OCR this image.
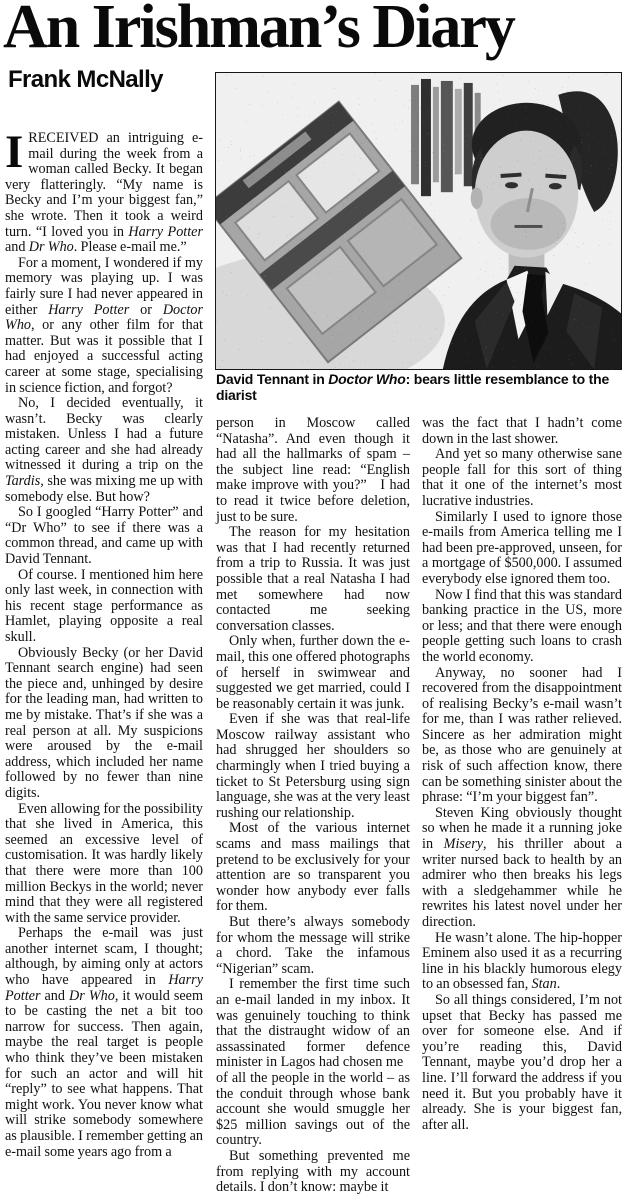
An Irishman’s Diary
Frank McNally
David Tennant in Doctor Who: bears little resemblance to the diarist

IRECEIVED an intriguing e-mail during the week from a woman called Becky. It began very flatteringly. “My name is Becky and I’m your biggest fan,” she wrote. Then it took a weird turn. “I loved you in Harry Potter and Dr Who. Please e-mail me.”

For a moment, I wondered if my memory was playing up. I was fairly sure I had never appeared in either Harry Potter or Doctor Who, or any other film for that matter. But was it possible that I had enjoyed a successful acting career at some stage, specialising in science fiction, and forgot?

No, I decided eventually, it wasn’t. Becky was clearly mistaken. Unless I had a future acting career and she had already witnessed it during a trip on the Tardis, she was mixing me up with somebody else. But how?

So I googled “Harry Potter” and “Dr Who” to see if there was a common thread, and came up with David Tennant.

Of course. I mentioned him here only last week, in connection with his recent stage performance as Hamlet, playing opposite a real skull.

Obviously Becky (or her David Tennant search engine) had seen the piece and, unhinged by desire for the leading man, had written to me by mistake. That’s if she was a real person at all. My suspicions were aroused by the e-mail address, which included her name followed by no fewer than nine digits.

Even allowing for the possibility that she lived in America, this seemed an excessive level of customisation. It was hardly likely that there were more than 100 million Beckys in the world; never mind that they were all registered with the same service provider.

Perhaps the e-mail was just another internet scam, I thought; although, by aiming only at actors who have appeared in Harry Potter and Dr Who, it would seem to be casting the net a bit too narrow for success. Then again, maybe the real target is people who think they’ve been mistaken for such an actor and will hit “reply” to see what happens. That might work. You never know what will strike somebody somewhere as plausible. I remember getting an e-mail some years ago from a

person in Moscow called “Natasha”. And even though it had all the hallmarks of spam – the subject line read: “English make improve with you?”   I had to read it twice before deletion, just to be sure.

The reason for my hesitation was that I had recently returned from a trip to Russia. It was just possible that a real Natasha I had met somewhere had now contacted me seeking conversation classes.

Only when, further down the e-mail, this one offered photographs of herself in swimwear and suggested we get married, could I be reasonably certain it was junk.

Even if she was that real-life Moscow railway assistant who had shrugged her shoulders so charmingly when I tried buying a ticket to St Petersburg using sign language, she was at the very least rushing our relationship.

Most of the various internet scams and mass mailings that pretend to be exclusively for your attention are so transparent you wonder how anybody ever falls for them.

But there’s always somebody for whom the message will strike a chord. Take the infamous “Nigerian” scam.

I remember the first time such an e-mail landed in my inbox. It was genuinely touching to think that the distraught widow of an assassinated former defence minister in Lagos had chosen me   of all the people in the world – as the conduit through whose bank account she would smuggle her $25 million savings out of the country.

But something prevented me from replying with my account details. I don’t know: maybe it

was the fact that I hadn’t come down in the last shower.

And yet so many otherwise sane people fall for this sort of thing that it one of the internet’s most lucrative industries.

Similarly I used to ignore those e-mails from America telling me I had been pre-approved, unseen, for a mortgage of $500,000. I assumed everybody else ignored them too.

Now I find that this was standard banking practice in the US, more or less; and that there were enough people getting such loans to crash the world economy.

Anyway, no sooner had I recovered from the disappointment of realising Becky’s e-mail wasn’t for me, than I was rather relieved. Sincere as her admiration might be, as those who are genuinely at risk of such affection know, there can be something sinister about the phrase: “I’m your biggest fan”.

Steven King obviously thought so when he made it a running joke in Misery, his thriller about a writer nursed back to health by an admirer who then breaks his legs with a sledgehammer while he rewrites his latest novel under her direction.

He wasn’t alone. The hip-hopper Eminem also used it as a recurring line in his blackly humorous elegy to an obsessed fan, Stan.

So all things considered, I’m not upset that Becky has passed me over for someone else. And if you’re reading this, David Tennant, maybe you’d drop her a line. I’ll forward the address if you need it. But you probably have it already. She is your biggest fan, after all.
